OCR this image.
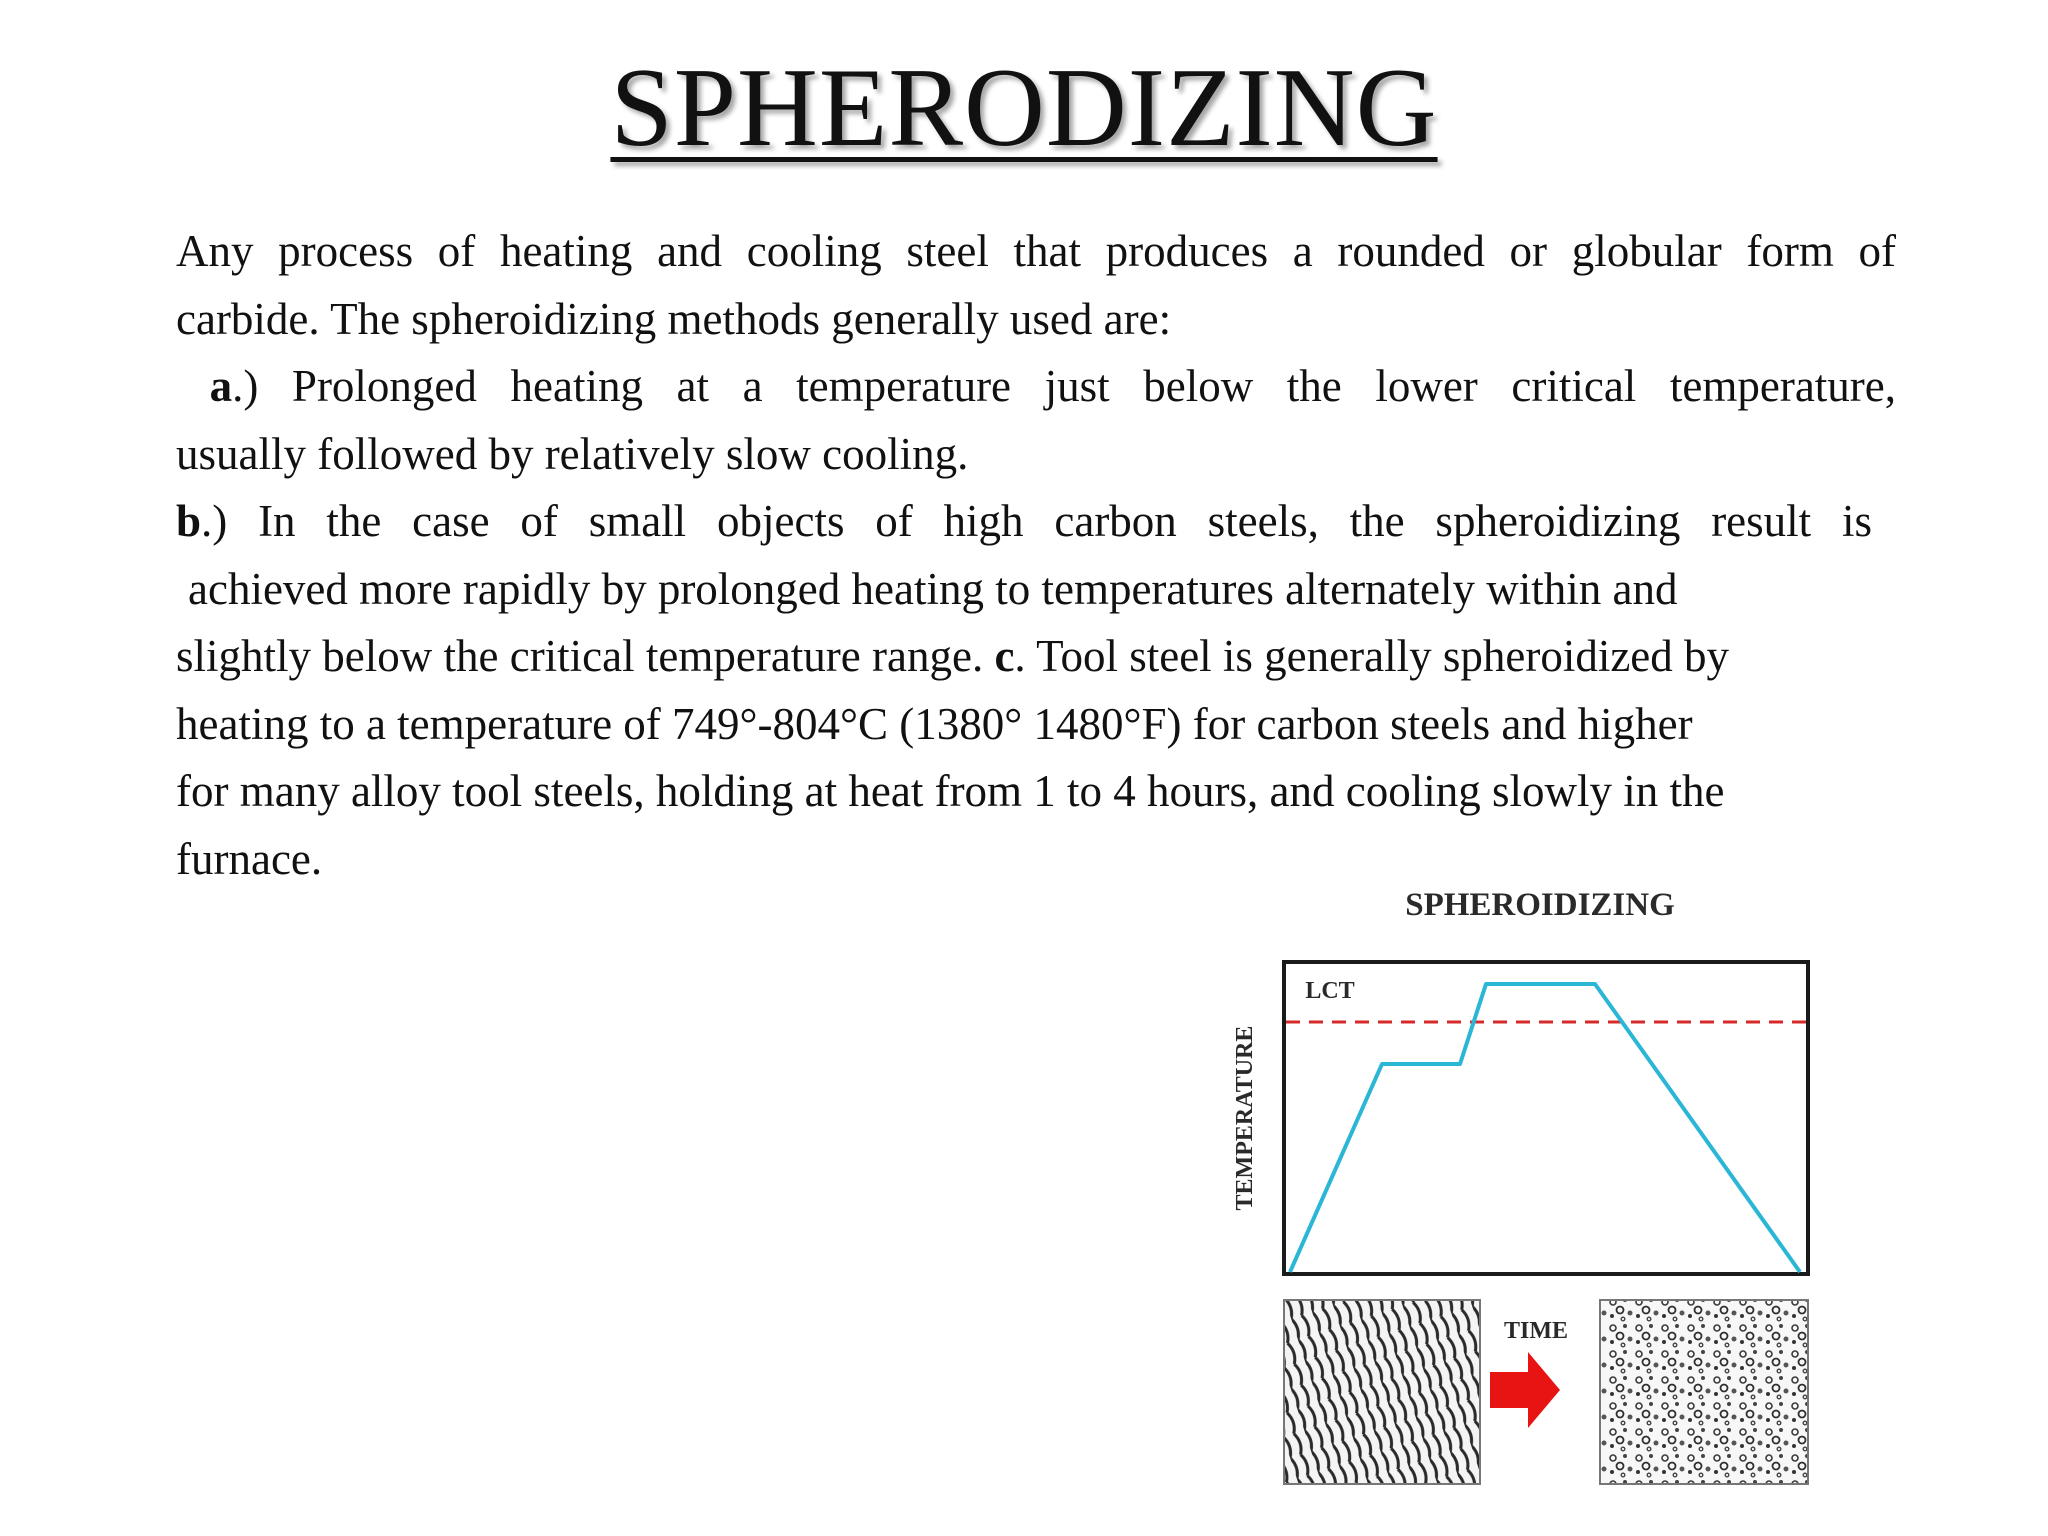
SPHERODIZING
Any process of heating and cooling steel that produces a rounded or globular form of
carbide. The spheroidizing methods generally used are:
a.) Prolonged heating at a temperature just below the lower critical temperature,
usually followed by relatively slow cooling.
b.) In the case of small objects of high carbon steels, the spheroidizing result is
achieved more rapidly by prolonged heating to temperatures alternately within and
slightly below the critical temperature range. c. Tool steel is generally spheroidized by
heating to a temperature of 749°-804°C (1380° 1480°F) for carbon steels and higher
for many alloy tool steels, holding at heat from 1 to 4 hours, and cooling slowly in the
furnace.
SPHEROIDIZING
TEMPERATURE
LCT
TIME
